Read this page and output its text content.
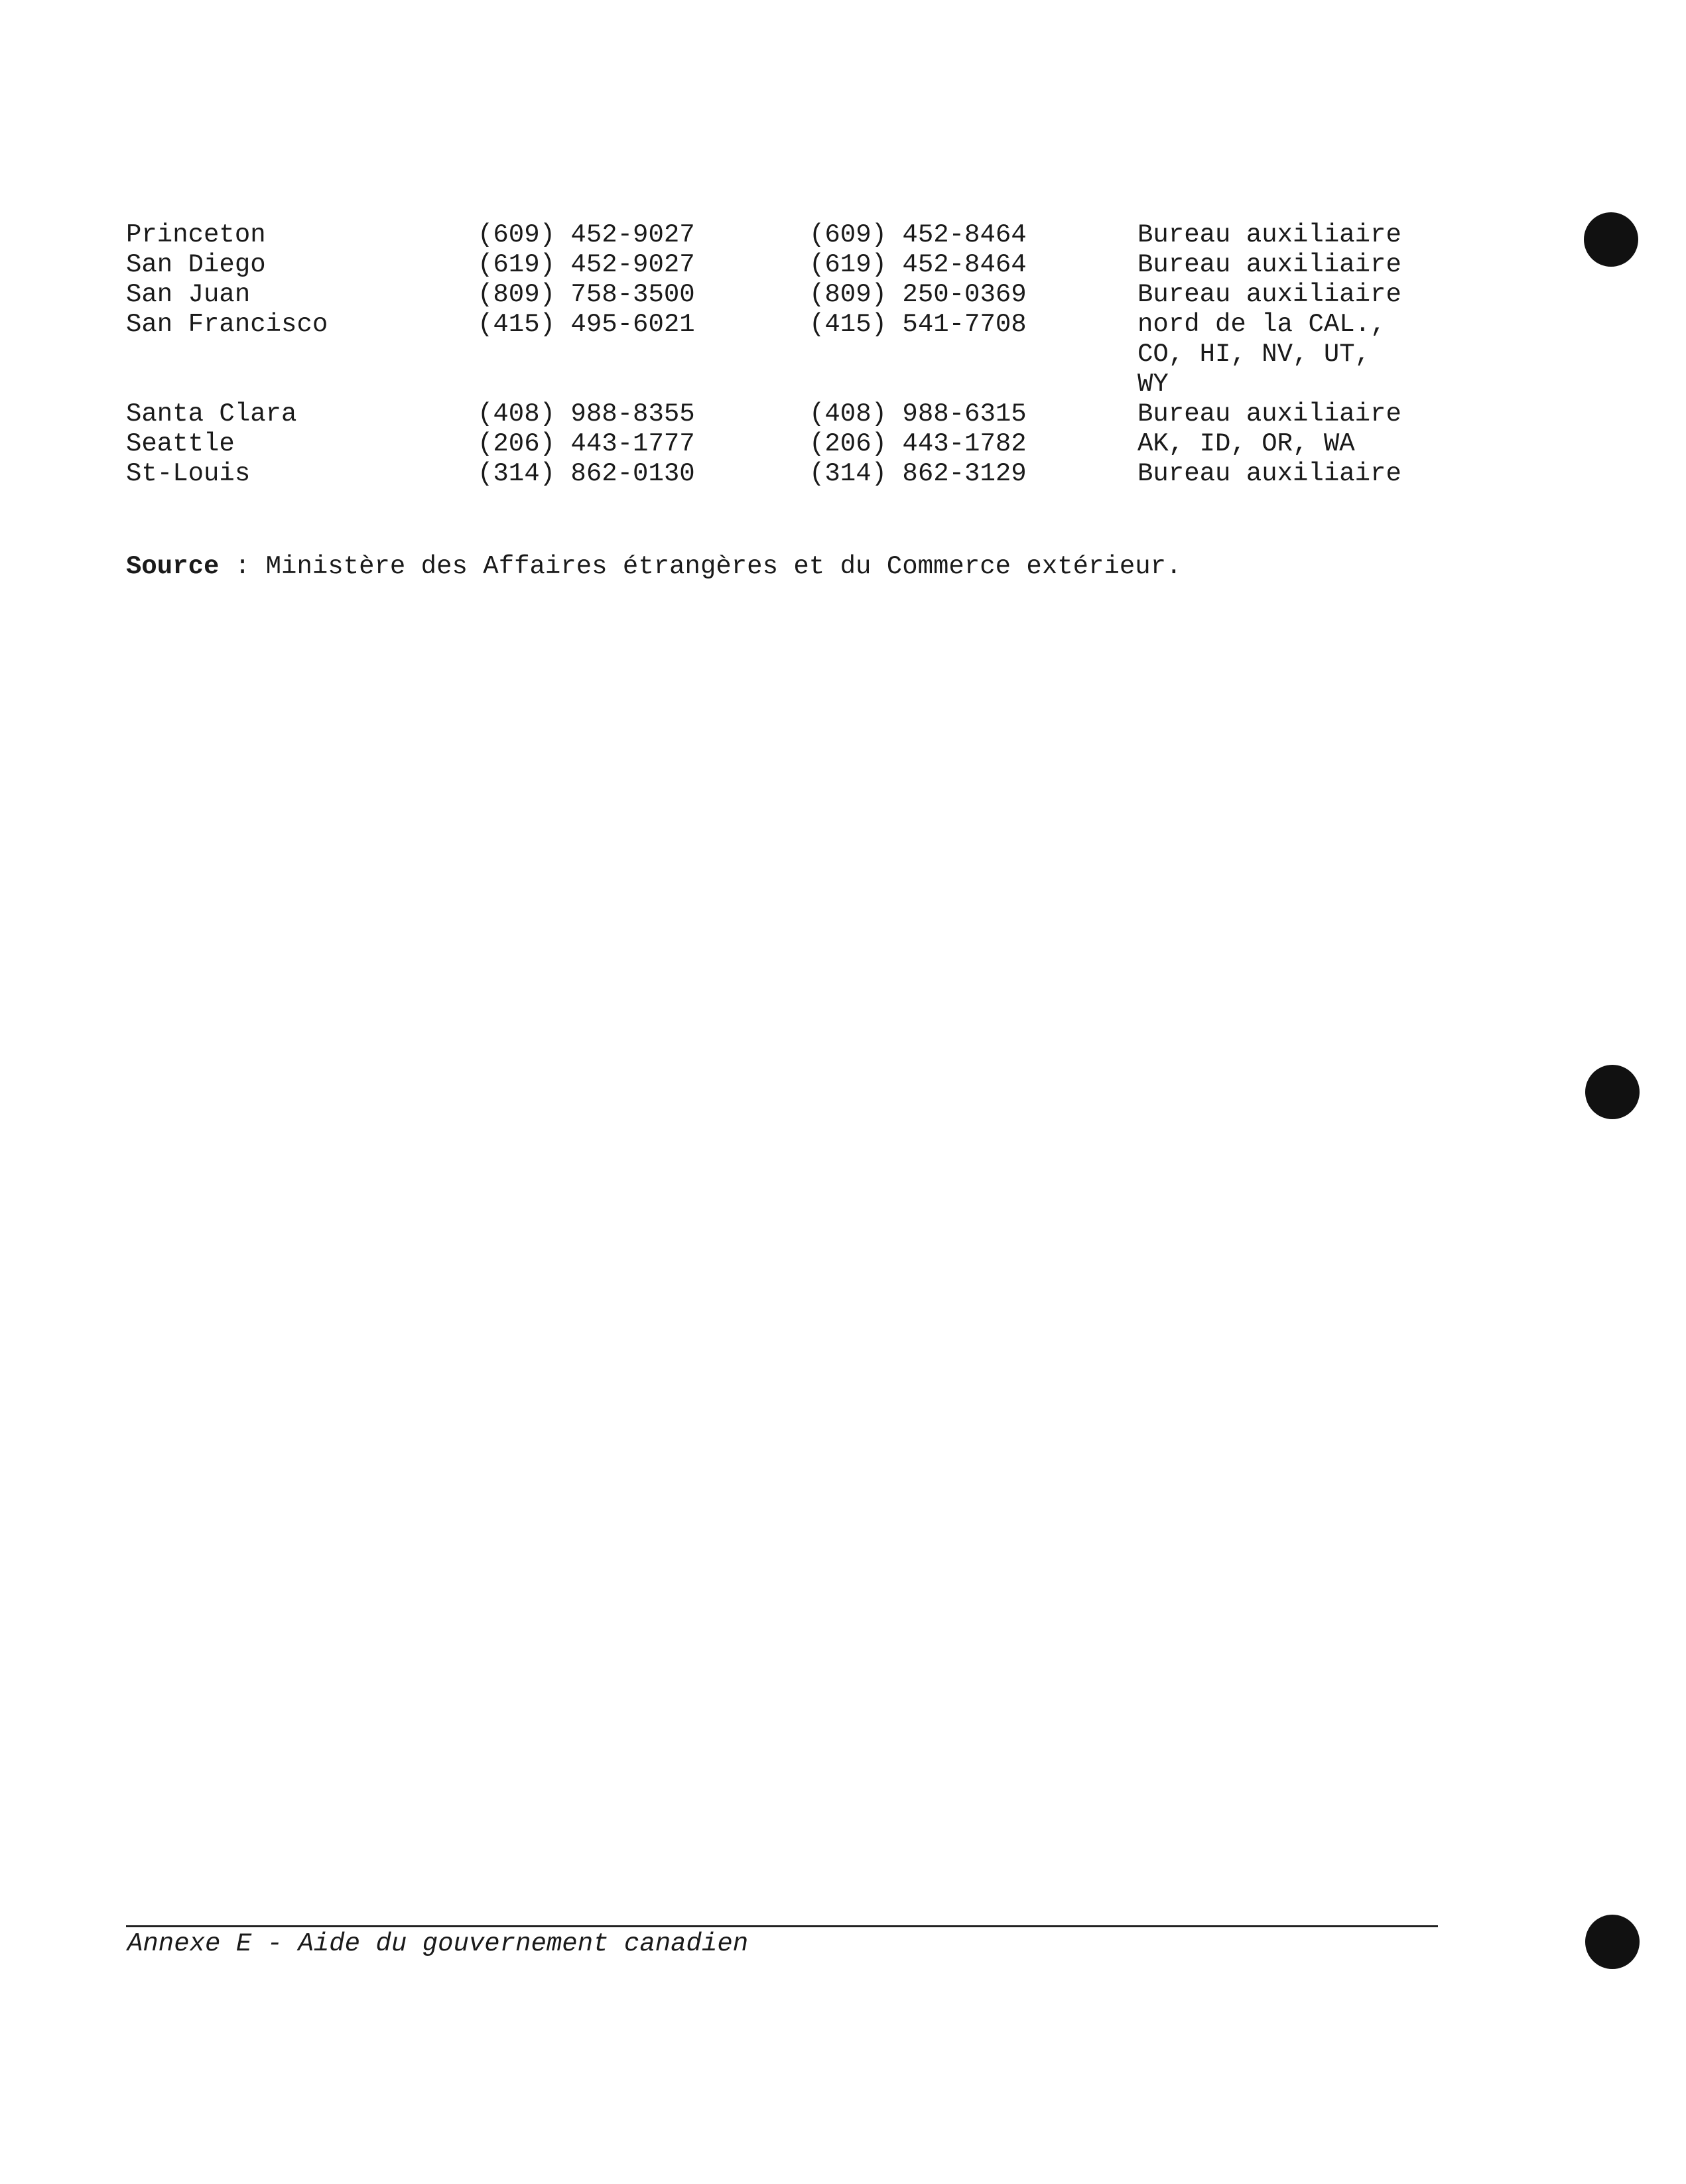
Princeton	(609) 452-9027	(609) 452-8464	Bureau auxiliaire
San Diego	(619) 452-9027	(619) 452-8464	Bureau auxiliaire
San Juan	(809) 758-3500	(809) 250-0369	Bureau auxiliaire
San Francisco	(415) 495-6021	(415) 541-7708	nord de la CAL.,
CO, HI, NV, UT,
WY
Santa Clara	(408) 988-8355	(408) 988-6315	Bureau auxiliaire
Seattle	(206) 443-1777	(206) 443-1782	AK, ID, OR, WA
St-Louis	(314) 862-0130	(314) 862-3129	Bureau auxiliaire
Source : Ministère des Affaires étrangères et du Commerce extérieur.
Annexe E - Aide du gouvernement canadien
